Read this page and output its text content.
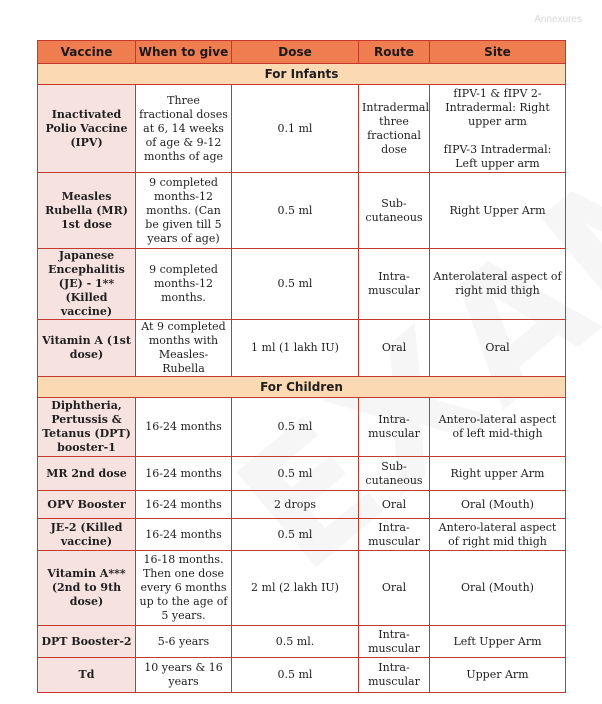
Annexures
Vaccine	When to give	Dose	Route	Site
For Infants				
Inactivated Polio Vaccine (IPV)	Three fractional doses at 6, 14 weeks of age & 9-12 months of age	0.1 ml	Intradermal three fractional dose	fIPV-1 & fIPV 2- Intradermal: Right upper arm
fIPV-3 Intradermal: Left upper arm

Measles Rubella (MR) 1st dose	9 completed months-12 months. (Can be given till 5 years of age)	0.5 ml	Sub-cutaneous	Right Upper Arm

Japanese Encephalitis (JE) - 1**(Killed vaccine)	9 completed months-12 months.	0.5 ml	Intra-muscular	Anterolateral aspect of right mid thigh

Vitamin A (1st dose)	At 9 completed months with Measles-Rubella	1 ml (1 lakh IU)	Oral	Oral

For Children				
Diphtheria, Pertussis & Tetanus (DPT) booster-1	16-24 months	0.5 ml	Intra-muscular	Antero-lateral aspect of left mid-thigh

MR 2nd dose	16-24 months	0.5 ml	Sub-cutaneous	Right upper Arm

OPV Booster	16-24 months	2 drops	Oral	Oral (Mouth)

JE-2 (Killed vaccine)	16-24 months	0.5 ml	Intra-muscular	Antero-lateral aspect of right mid thigh

Vitamin A*** (2nd to 9th dose)	16-18 months. Then one dose every 6 months up to the age of 5 years.	2 ml (2 lakh IU)	Oral	Oral (Mouth)

DPT Booster-2	5-6 years	0.5 ml.	Intra-muscular	Left Upper Arm

Td	10 years & 16 years	0.5 ml	Intra-muscular	Upper Arm
